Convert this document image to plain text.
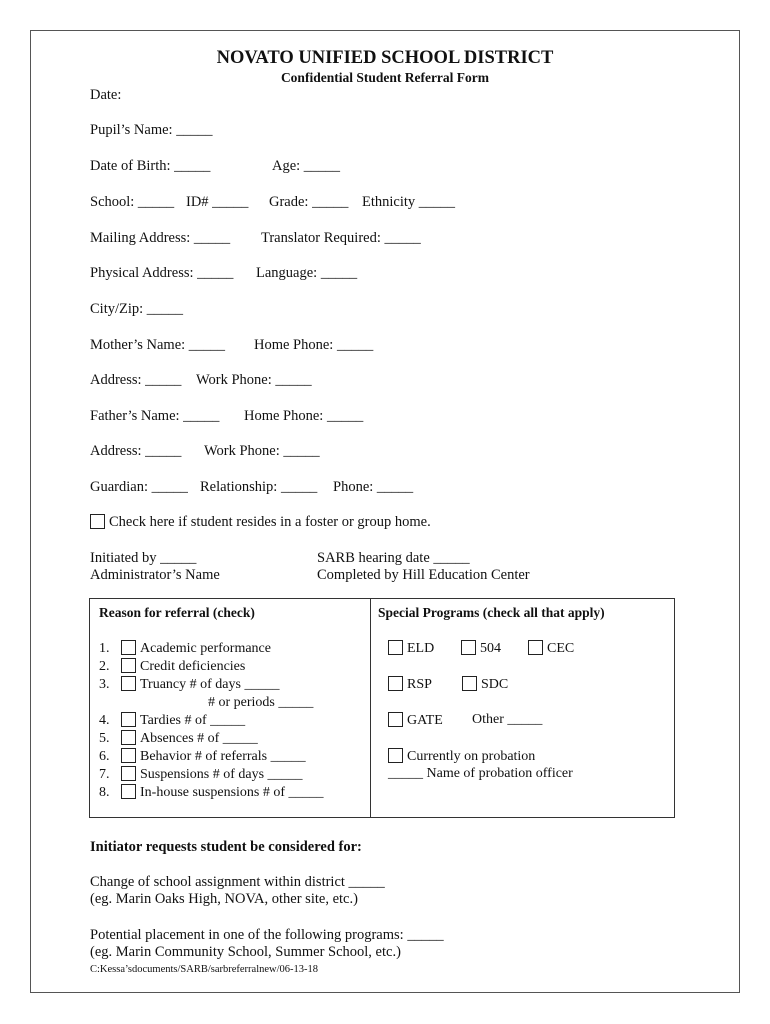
NOVATO UNIFIED SCHOOL DISTRICT
Confidential Student Referral Form
Date:
Pupil’s Name: _____
Date of Birth: _____	Age: _____
School: _____ ID# _____ Grade: _____ Ethnicity _____
Mailing Address: _____ Translator Required: _____
Physical Address: _____ Language: _____
City/Zip: _____
Mother’s Name: _____ Home Phone: _____
Address: _____ Work Phone: _____
Father’s Name: _____ Home Phone: _____
Address: _____ Work Phone: _____
Guardian: _____ Relationship: _____ Phone: _____
Check here if student resides in a foster or group home.
Initiated by _____
Administrator’s Name
SARB hearing date _____
Completed by Hill Education Center
Reason for referral (check)	Special Programs (check all that apply)
1. Academic performance
2. Credit deficiencies
3. Truancy # of days _____
# or periods _____
4. Tardies # of _____
5. Absences # of _____
6. Behavior # of referrals _____
7. Suspensions # of days _____
8. In-house suspensions # of _____
ELD	504	CEC
RSP	SDC
GATE Other _____
Currently on probation
_____ Name of probation officer
Initiator requests student be considered for:
Change of school assignment within district _____
(eg. Marin Oaks High, NOVA, other site, etc.)
Potential placement in one of the following programs: _____
(eg. Marin Community School, Summer School, etc.)
C:Kessa’sdocuments/SARB/sarbreferralnew/06-13-18
